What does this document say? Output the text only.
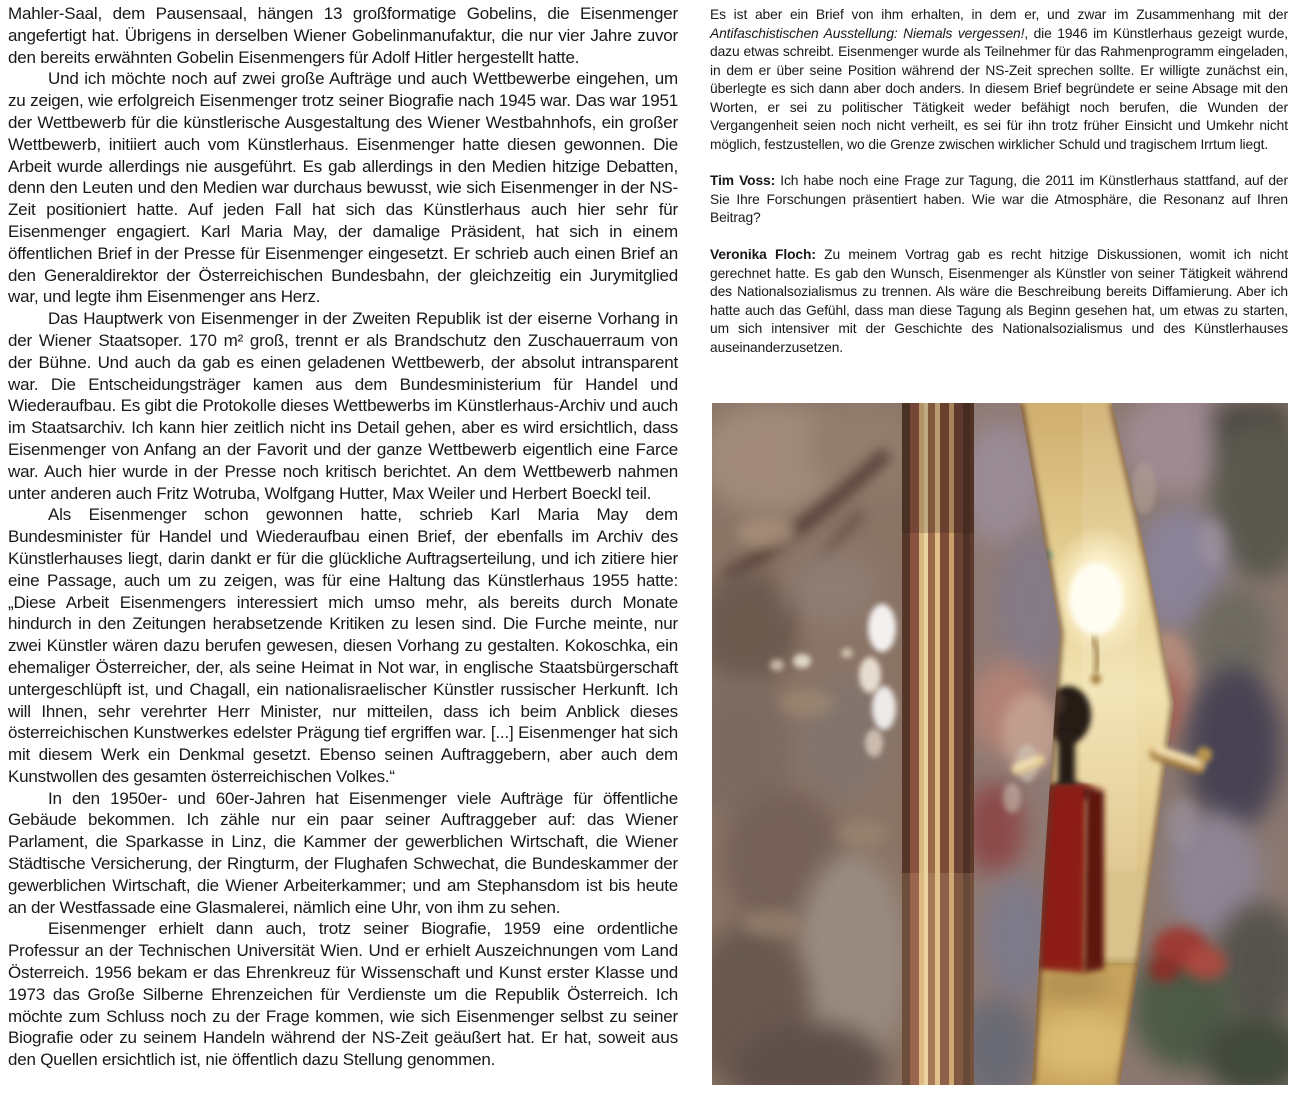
Mahler-Saal, dem Pausensaal, hängen 13 großformatige Gobelins, die Eisenmenger angefertigt hat. Übrigens in derselben Wiener Gobelinmanufaktur, die nur vier Jahre zuvor den bereits erwähnten Gobelin Eisenmengers für Adolf Hitler hergestellt hatte.

Und ich möchte noch auf zwei große Aufträge und auch Wettbewerbe eingehen, um zu zeigen, wie erfolgreich Eisenmenger trotz seiner Biografie nach 1945 war. Das war 1951 der Wettbewerb für die künstlerische Ausgestaltung des Wiener Westbahnhofs, ein großer Wettbewerb, initiiert auch vom Künstlerhaus. Eisenmenger hatte diesen gewonnen. Die Arbeit wurde allerdings nie ausgeführt. Es gab allerdings in den Medien hitzige Debatten, denn den Leuten und den Medien war durchaus bewusst, wie sich Eisenmenger in der NS-Zeit positioniert hatte. Auf jeden Fall hat sich das Künstlerhaus auch hier sehr für Eisenmenger engagiert. Karl Maria May, der damalige Präsident, hat sich in einem öffentlichen Brief in der Presse für Eisenmenger eingesetzt. Er schrieb auch einen Brief an den Generaldirektor der Österreichischen Bundesbahn, der gleichzeitig ein Jurymitglied war, und legte ihm Eisenmenger ans Herz.

Das Hauptwerk von Eisenmenger in der Zweiten Republik ist der eiserne Vorhang in der Wiener Staatsoper. 170 m² groß, trennt er als Brandschutz den Zuschauerraum von der Bühne. Und auch da gab es einen geladenen Wettbewerb, der absolut intransparent war. Die Entscheidungsträger kamen aus dem Bundesministerium für Handel und Wiederaufbau. Es gibt die Protokolle dieses Wettbewerbs im Künstlerhaus-Archiv und auch im Staatsarchiv. Ich kann hier zeitlich nicht ins Detail gehen, aber es wird ersichtlich, dass Eisenmenger von Anfang an der Favorit und der ganze Wettbewerb eigentlich eine Farce war. Auch hier wurde in der Presse noch kritisch berichtet. An dem Wettbewerb nahmen unter anderen auch Fritz Wotruba, Wolfgang Hutter, Max Weiler und Herbert Boeckl teil.

Als Eisenmenger schon gewonnen hatte, schrieb Karl Maria May dem Bundesminister für Handel und Wiederaufbau einen Brief, der ebenfalls im Archiv des Künstlerhauses liegt, darin dankt er für die glückliche Auftragserteilung, und ich zitiere hier eine Passage, auch um zu zeigen, was für eine Haltung das Künstlerhaus 1955 hatte: „Diese Arbeit Eisenmengers interessiert mich umso mehr, als bereits durch Monate hindurch in den Zeitungen herabsetzende Kritiken zu lesen sind. Die Furche meinte, nur zwei Künstler wären dazu berufen gewesen, diesen Vorhang zu gestalten. Kokoschka, ein ehemaliger Österreicher, der, als seine Heimat in Not war, in englische Staatsbürgerschaft untergeschlüpft ist, und Chagall, ein nationalisraelischer Künstler russischer Herkunft. Ich will Ihnen, sehr verehrter Herr Minister, nur mitteilen, dass ich beim Anblick dieses österreichischen Kunstwerkes edelster Prägung tief ergriffen war. [...] Eisenmenger hat sich mit diesem Werk ein Denkmal gesetzt. Ebenso seinen Auftraggebern, aber auch dem Kunstwollen des gesamten österreichischen Volkes.“

In den 1950er- und 60er-Jahren hat Eisenmenger viele Aufträge für öffentliche Gebäude bekommen. Ich zähle nur ein paar seiner Auftraggeber auf: das Wiener Parlament, die Sparkasse in Linz, die Kammer der gewerblichen Wirtschaft, die Wiener Städtische Versicherung, der Ringturm, der Flughafen Schwechat, die Bundeskammer der gewerblichen Wirtschaft, die Wiener Arbeiterkammer; und am Stephansdom ist bis heute an der Westfassade eine Glasmalerei, nämlich eine Uhr, von ihm zu sehen.

Eisenmenger erhielt dann auch, trotz seiner Biografie, 1959 eine ordentliche Professur an der Technischen Universität Wien. Und er erhielt Auszeichnungen vom Land Österreich. 1956 bekam er das Ehrenkreuz für Wissenschaft und Kunst erster Klasse und 1973 das Große Silberne Ehrenzeichen für Verdienste um die Republik Österreich. Ich möchte zum Schluss noch zu der Frage kommen, wie sich Eisenmenger selbst zu seiner Biografie oder zu seinem Handeln während der NS-Zeit geäußert hat. Er hat, soweit aus den Quellen ersichtlich ist, nie öffentlich dazu Stellung genommen.

Es ist aber ein Brief von ihm erhalten, in dem er, und zwar im Zusammenhang mit der Antifaschistischen Ausstellung: Niemals vergessen!, die 1946 im Künstlerhaus gezeigt wurde, dazu etwas schreibt. Eisenmenger wurde als Teilnehmer für das Rahmenprogramm eingeladen, in dem er über seine Position während der NS-Zeit sprechen sollte. Er willigte zunächst ein, überlegte es sich dann aber doch anders. In diesem Brief begründete er seine Absage mit den Worten, er sei zu politischer Tätigkeit weder befähigt noch berufen, die Wunden der Vergangenheit seien noch nicht verheilt, es sei für ihn trotz früher Einsicht und Umkehr nicht möglich, festzustellen, wo die Grenze zwischen wirklicher Schuld und tragischem Irrtum liegt.

Tim Voss: Ich habe noch eine Frage zur Tagung, die 2011 im Künstlerhaus stattfand, auf der Sie Ihre Forschungen präsentiert haben. Wie war die Atmosphäre, die Resonanz auf Ihren Beitrag?

Veronika Floch: Zu meinem Vortrag gab es recht hitzige Diskussionen, womit ich nicht gerechnet hatte. Es gab den Wunsch, Eisenmenger als Künstler von seiner Tätigkeit während des Nationalsozialismus zu trennen. Als wäre die Beschreibung bereits Diffamierung. Aber ich hatte auch das Gefühl, dass man diese Tagung als Beginn gesehen hat, um etwas zu starten, um sich intensiver mit der Geschichte des Nationalsozialismus und des Künstlerhauses auseinanderzusetzen.
